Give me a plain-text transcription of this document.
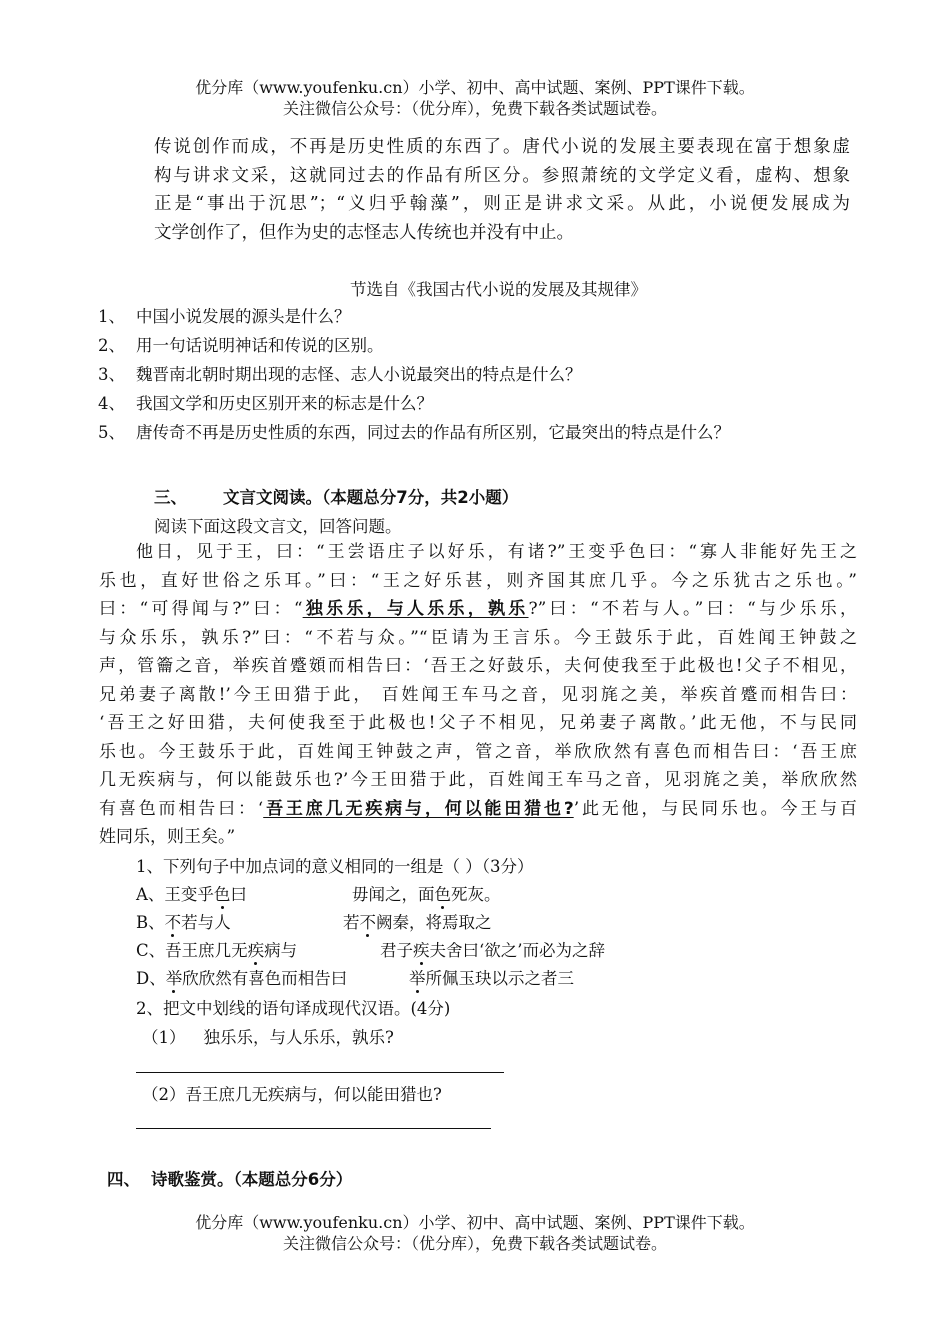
优分库（www.youfenku.cn）小学、初中、高中试题、案例、PPT课件下载。
关注微信公众号：（优分库），免费下载各类试题试卷。
传说创作而成，不再是历史性质的东西了。唐代小说的发展主要表现在富于想象虚
构与讲求文采，这就同过去的作品有所区分。参照萧统的文学定义看，虚构、想象
正是“事出于沉思”；“义归乎翰藻”，则正是讲求文采。从此，小说便发展成为
文学创作了，但作为史的志怪志人传统也并没有中止。
节选自《我国古代小说的发展及其规律》
1、 中国小说发展的源头是什么？
2、 用一句话说明神话和传说的区别。
3、 魏晋南北朝时期出现的志怪、志人小说最突出的特点是什么？
4、 我国文学和历史区别开来的标志是什么？
5、 唐传奇不再是历史性质的东西，同过去的作品有所区别，它最突出的特点是什么？
三、 文言文阅读。（本题总分7分，共2小题）
阅读下面这段文言文，回答问题。
他日，见于王，曰：“王尝语庄子以好乐，有诸?”王变乎色曰：“寡人非能好先王之
乐也，直好世俗之乐耳。”曰：“王之好乐甚，则齐国其庶几乎。今之乐犹古之乐也。”
曰：“可得闻与?”曰：“独乐乐，与人乐乐，孰乐?”曰：“不若与人。”曰：“与少乐乐，
与众乐乐，孰乐?”曰：“不若与众。”“臣请为王言乐。今王鼓乐于此，百姓闻王钟鼓之
声，管籥之音，举疾首蹙頞而相告曰：‘吾王之好鼓乐，夫何使我至于此极也!父子不相见，
兄弟妻子离散!’今王田猎于此， 百姓闻王车马之音，见羽旄之美，举疾首蹙而相告曰：
‘吾王之好田猎，夫何使我至于此极也!父子不相见，兄弟妻子离散。’此无他，不与民同
乐也。今王鼓乐于此，百姓闻王钟鼓之声，管之音，举欣欣然有喜色而相告曰：‘吾王庶
几无疾病与，何以能鼓乐也?’今王田猎于此，百姓闻王车马之音，见羽旄之美，举欣欣然
有喜色而相告曰：‘吾王庶几无疾病与，何以能田猎也?’此无他，与民同乐也。今王与百
姓同乐，则王矣。”
1、下列句子中加点词的意义相同的一组是（ ）（3分）
A、王变乎色曰	毋闻之，面色死灰。
B、不若与人	若不阙秦，将焉取之
C、吾王庶几无疾病与	君子疾夫舍曰‘欲之’而必为之辞
D、举欣欣然有喜色而相告曰	举所佩玉玦以示之者三
2、把文中划线的语句译成现代汉语。(4分)
（1） 独乐乐，与人乐乐，孰乐?
（2）吾王庶几无疾病与，何以能田猎也?
四、 诗歌鉴赏。（本题总分6分）
优分库（www.youfenku.cn）小学、初中、高中试题、案例、PPT课件下载。
关注微信公众号：（优分库），免费下载各类试题试卷。
